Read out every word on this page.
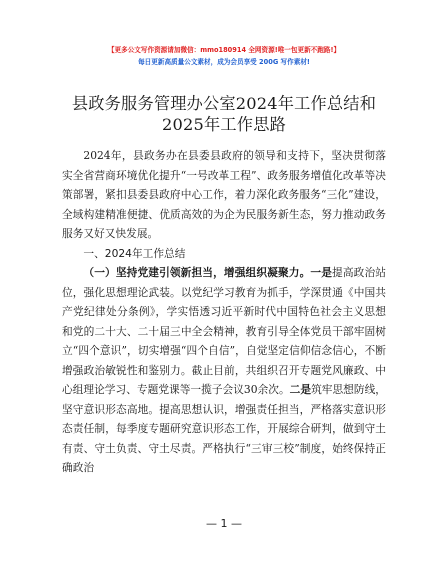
【更多公文写作资源请加微信：mmo180914 全网资源!唯一包更新不跑路!】
每日更新高质量公文素材，成为会员享受 200G 写作素材!
县政务服务管理办公室2024年工作总结和2025年工作思路

2024年，县政务办在县委县政府的领导和支持下，坚决贯彻落实全省营商环境优化提升“一号改革工程”、政务服务增值化改革等决策部署，紧扣县委县政府中心工作，着力深化政务服务“三化”建设，全域构建精准便捷、优质高效的为企为民服务新生态，努力推动政务服务又好又快发展。

一、2024年工作总结

（一）坚持党建引领新担当，增强组织凝聚力。一是提高政治站位，强化思想理论武装。以党纪学习教育为抓手，学深贯通《中国共产党纪律处分条例》，学实悟透习近平新时代中国特色社会主义思想和党的二十大、二十届三中全会精神，教育引导全体党员干部牢固树立“四个意识”，切实增强“四个自信”，自觉坚定信仰信念信心，不断增强政治敏锐性和鉴别力。截止目前，共组织召开专题党风廉政、中心组理论学习、专题党课等一揽子会议30余次。二是筑牢思想防线，坚守意识形态高地。提高思想认识，增强责任担当，严格落实意识形态责任制，每季度专题研究意识形态工作，开展综合研判，做到守土有责、守土负责、守土尽责。严格执行“三审三校”制度，始终保持正确政治

— 1 —
